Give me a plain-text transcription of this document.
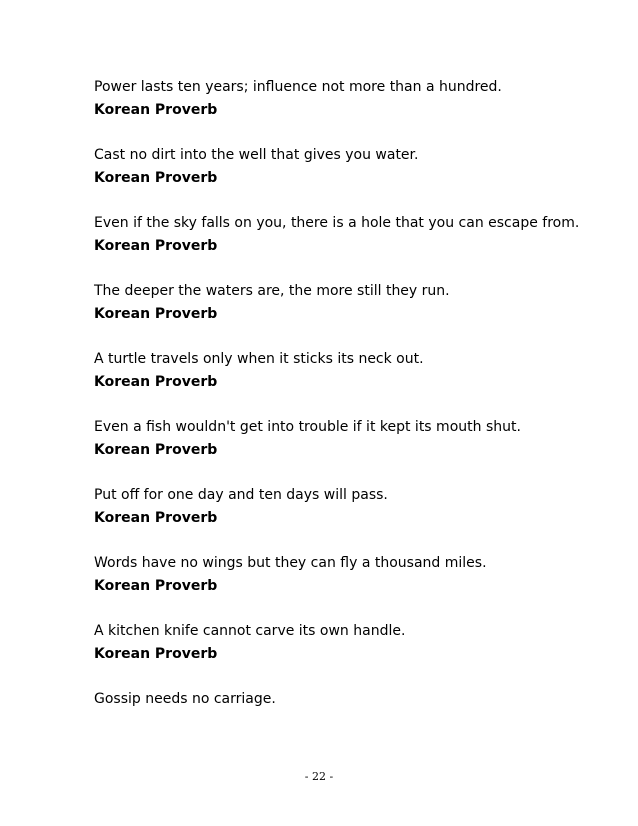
Power lasts ten years; influence not more than a hundred.

Korean Proverb

Cast no dirt into the well that gives you water.

Korean Proverb

Even if the sky falls on you, there is a hole that you can escape from.

Korean Proverb

The deeper the waters are, the more still they run.

Korean Proverb

A turtle travels only when it sticks its neck out.

Korean Proverb

Even a fish wouldn't get into trouble if it kept its mouth shut.

Korean Proverb

Put off for one day and ten days will pass.

Korean Proverb

Words have no wings but they can fly a thousand miles.

Korean Proverb

A kitchen knife cannot carve its own handle.

Korean Proverb

Gossip needs no carriage.

- 22 -
